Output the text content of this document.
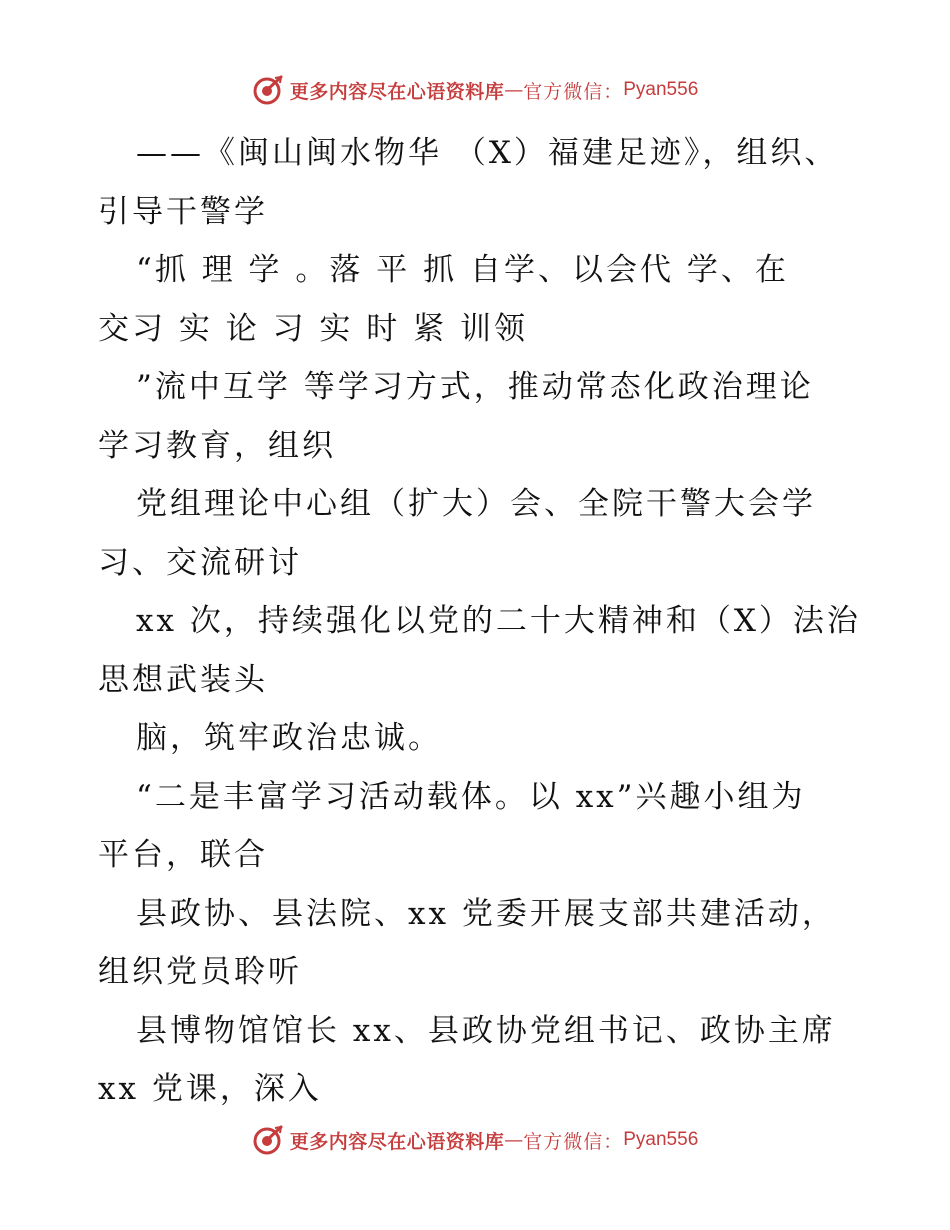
更多内容尽在心语资料库 — 官方微信： Pyan556
——《闽山闽水物华 （X）福建足迹》，组织、
引导干警学
“抓 理 学 。落 平 抓 自学、以会代 学、在
交习 实 论 习 实 时 紧 训领
”流中互学 等学习方式，推动常态化政治理论
学习教育，组织
党组理论中心组（扩大）会、全院干警大会学
习、交流研讨
xx 次，持续强化以党的二十大精神和（X）法治
思想武装头
脑，筑牢政治忠诚。
“二是丰富学习活动载体。以 xx”兴趣小组为
平台，联合
县政协、县法院、xx 党委开展支部共建活动，
组织党员聆听
县博物馆馆长 xx、县政协党组书记、政协主席
xx 党课，深入
更多内容尽在心语资料库 — 官方微信： Pyan556
